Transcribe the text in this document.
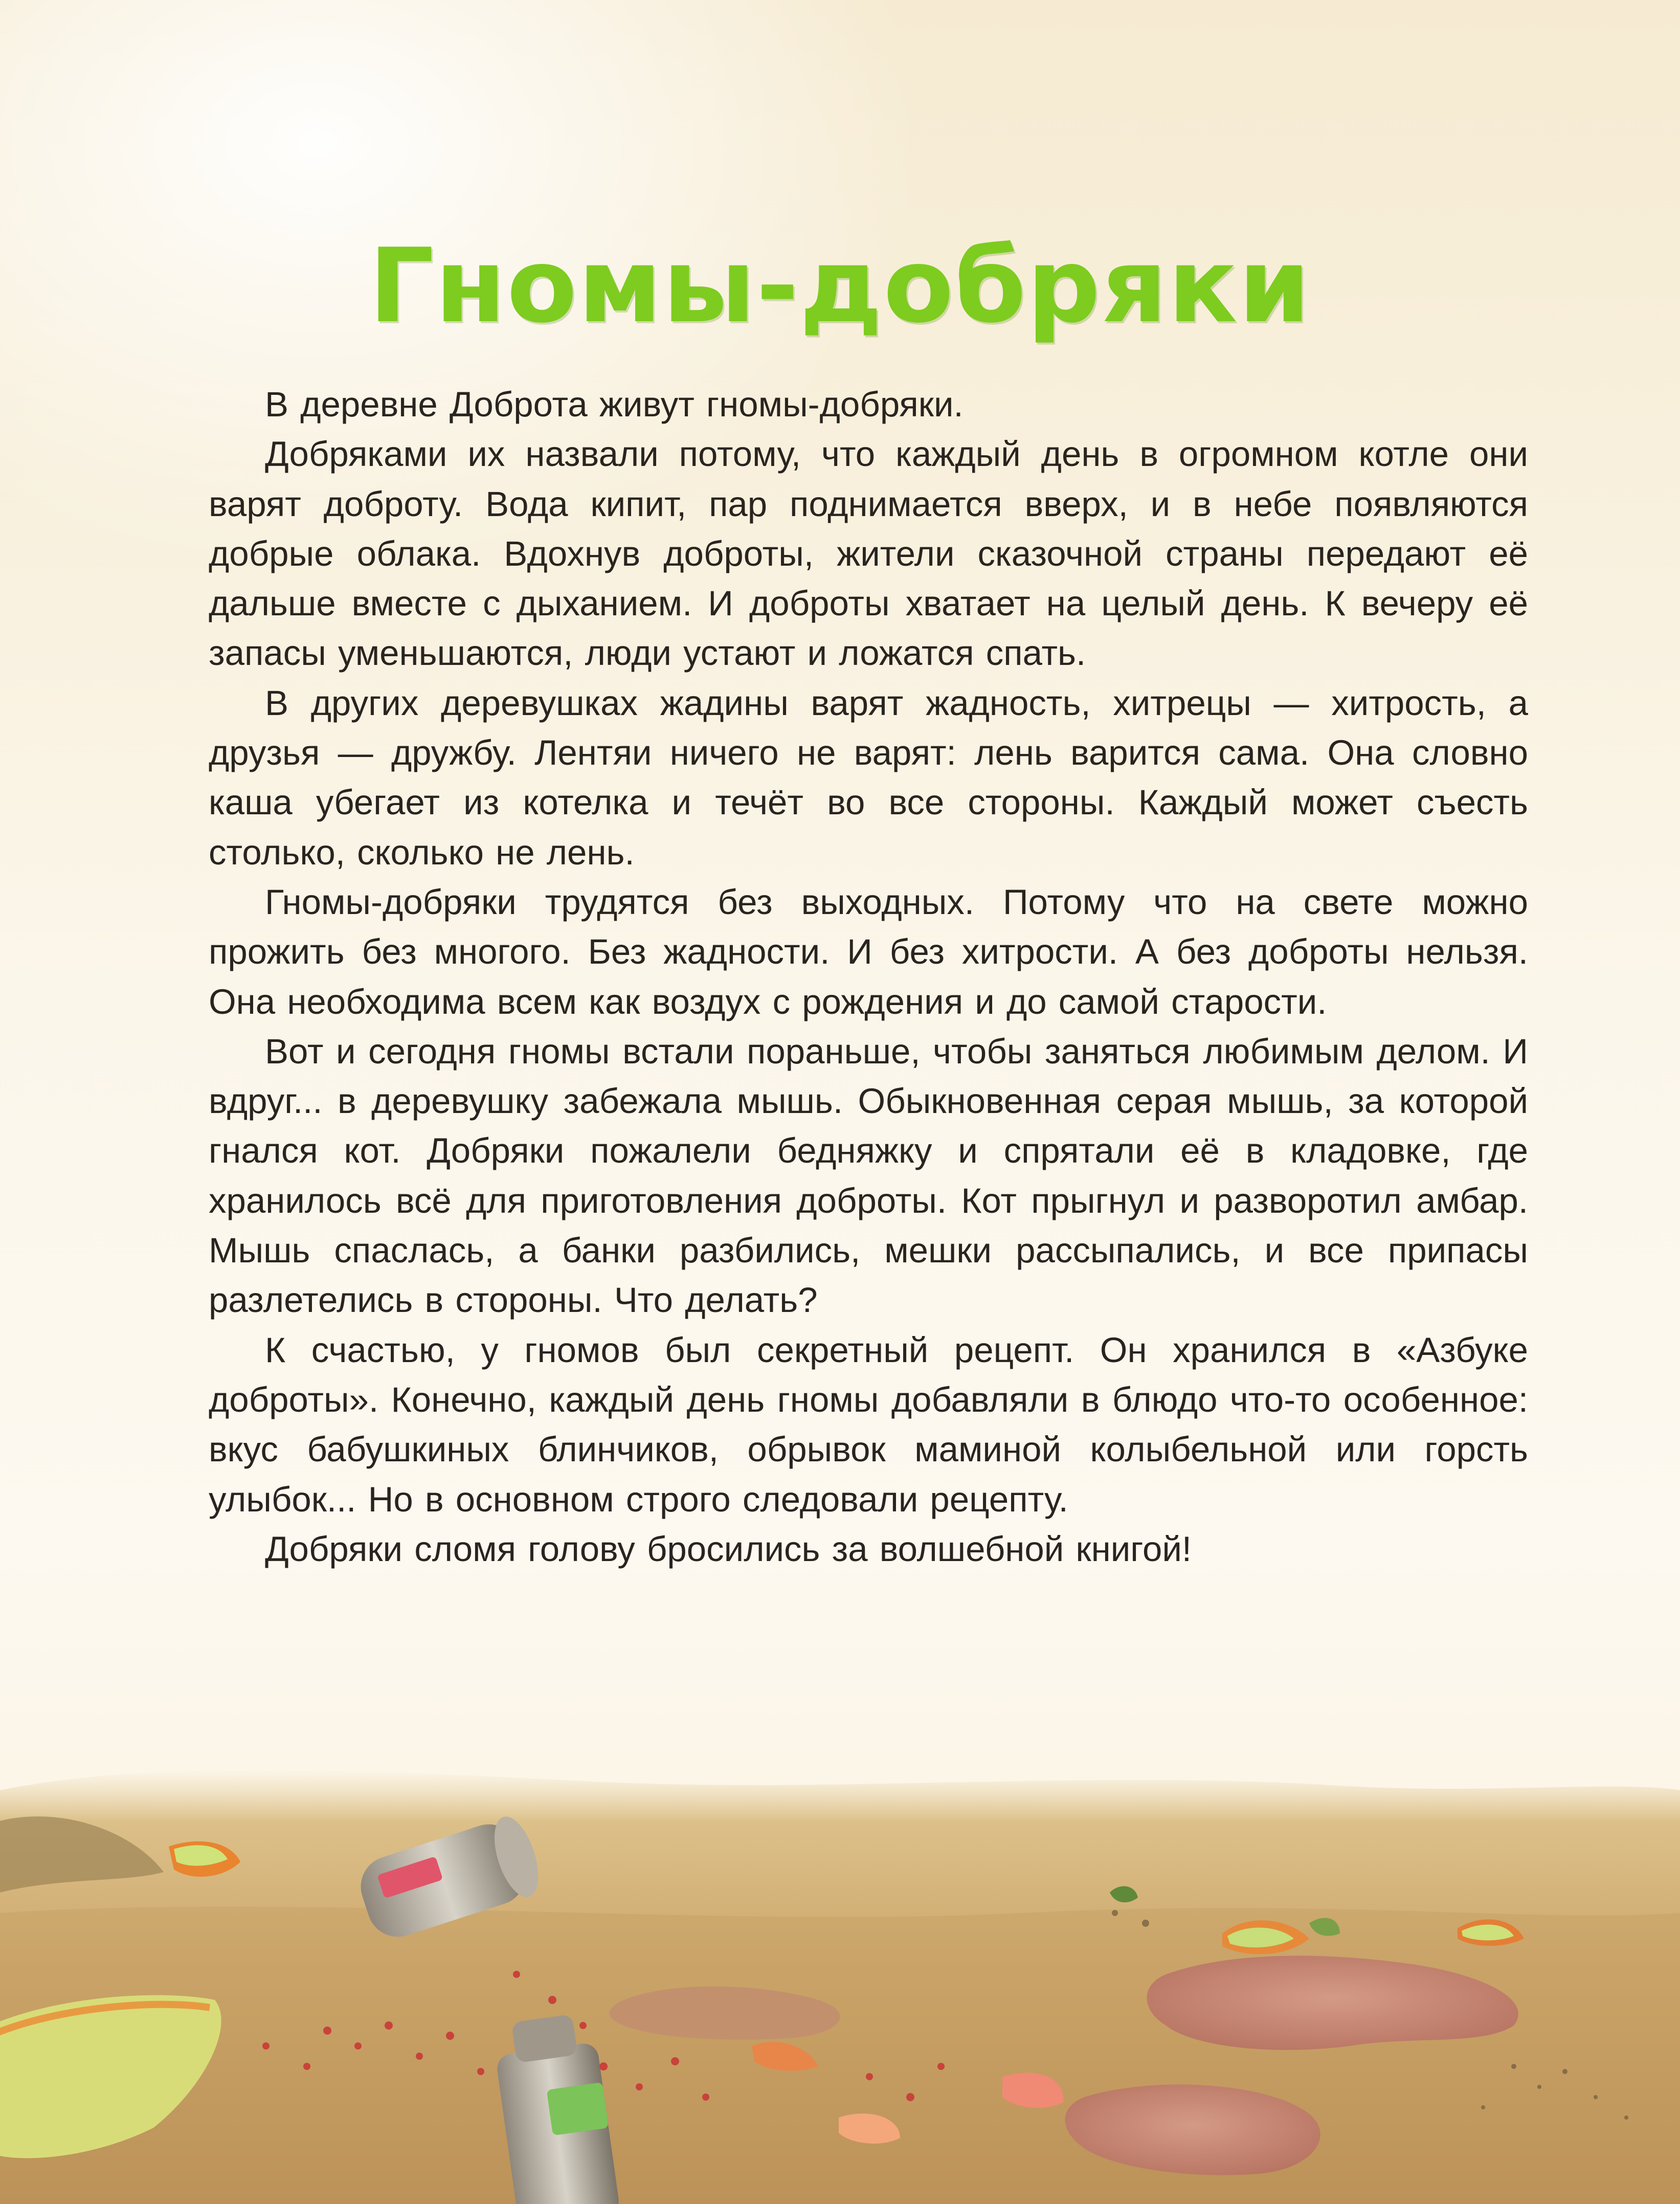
Гномы-добряки

В деревне Доброта живут гномы-добряки.

Добряками их назвали потому, что каждый день в огромном котле они варят доброту. Вода кипит, пар поднимается вверх, и в небе появляются добрые облака. Вдохнув доброты, жители сказочной страны передают её дальше вместе с дыханием. И доброты хватает на целый день. К вечеру её запасы уменьшаются, люди устают и ложатся спать.

В других деревушках жадины варят жадность, хитрецы — хитрость, а друзья — дружбу. Лентяи ничего не варят: лень варится сама. Она словно каша убегает из котелка и течёт во все стороны. Каждый может съесть столько, сколько не лень.

Гномы-добряки трудятся без выходных. Потому что на свете можно прожить без многого. Без жадности. И без хитрости. А без доброты нельзя. Она необходима всем как воздух с рождения и до самой старости.

Вот и сегодня гномы встали пораньше, чтобы заняться любимым делом. И вдруг... в деревушку забежала мышь. Обыкновенная серая мышь, за которой гнался кот. Добряки пожалели бедняжку и спрятали её в кладовке, где хранилось всё для приготовления доброты. Кот прыгнул и разворотил амбар. Мышь спаслась, а банки разбились, мешки рассыпались, и все припасы разлетелись в стороны. Что делать?

К счастью, у гномов был секретный рецепт. Он хранился в «Азбуке доброты». Конечно, каждый день гномы добавляли в блюдо что-то особенное: вкус бабушкиных блинчиков, обрывок маминой колыбельной или горсть улыбок... Но в основном строго следовали рецепту.

Добряки сломя голову бросились за волшебной книгой!
